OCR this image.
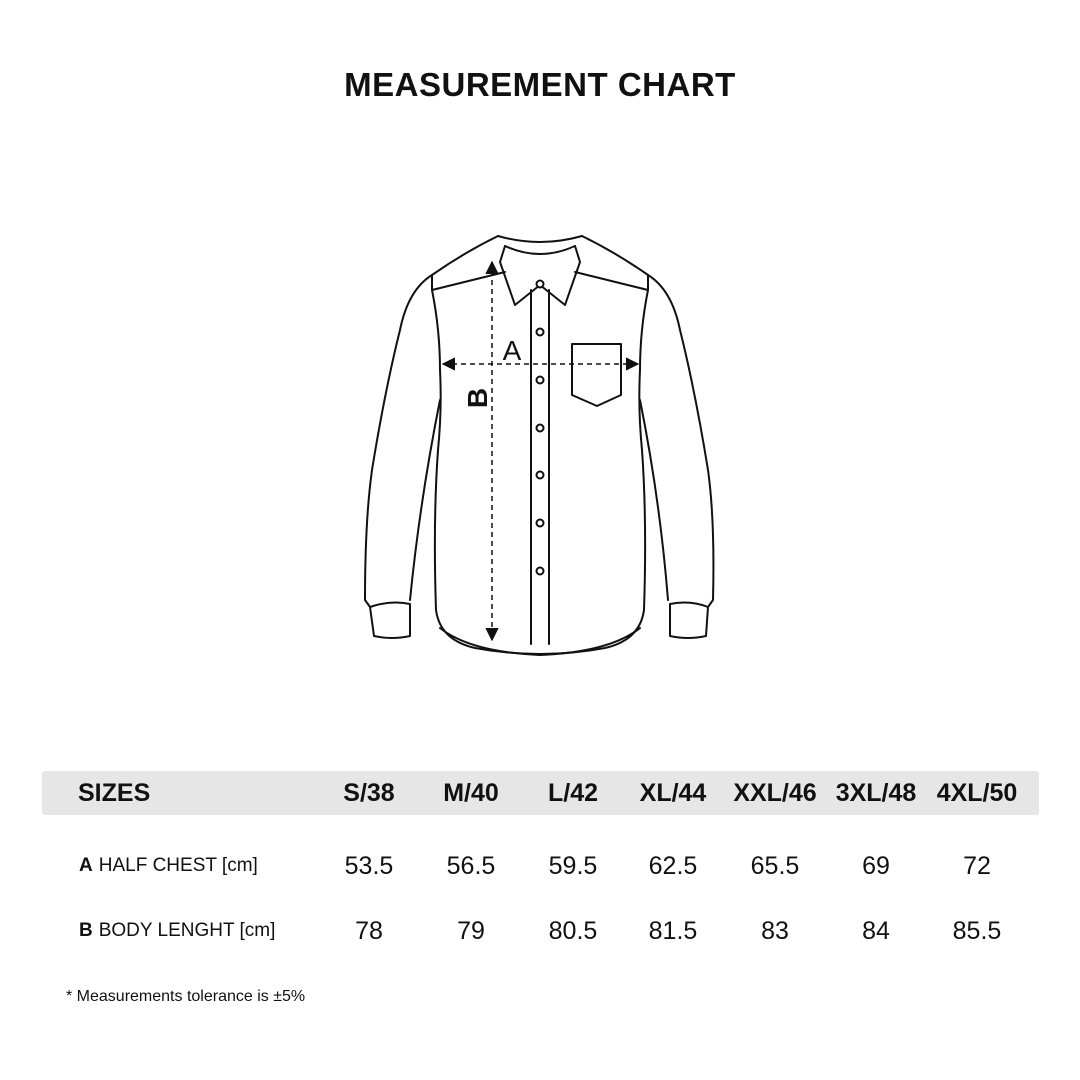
MEASUREMENT CHART
A
B
SIZES	S/38	M/40	L/42	XL/44	XXL/46 3XL/48 4XL/50
A HALF CHEST [cm]	53.5	56.5	59.5	62.5	65.5	69	72
B BODY LENGHT [cm]	78	79	80.5	81.5	83	84	85.5
* Measurements tolerance is ±5%
